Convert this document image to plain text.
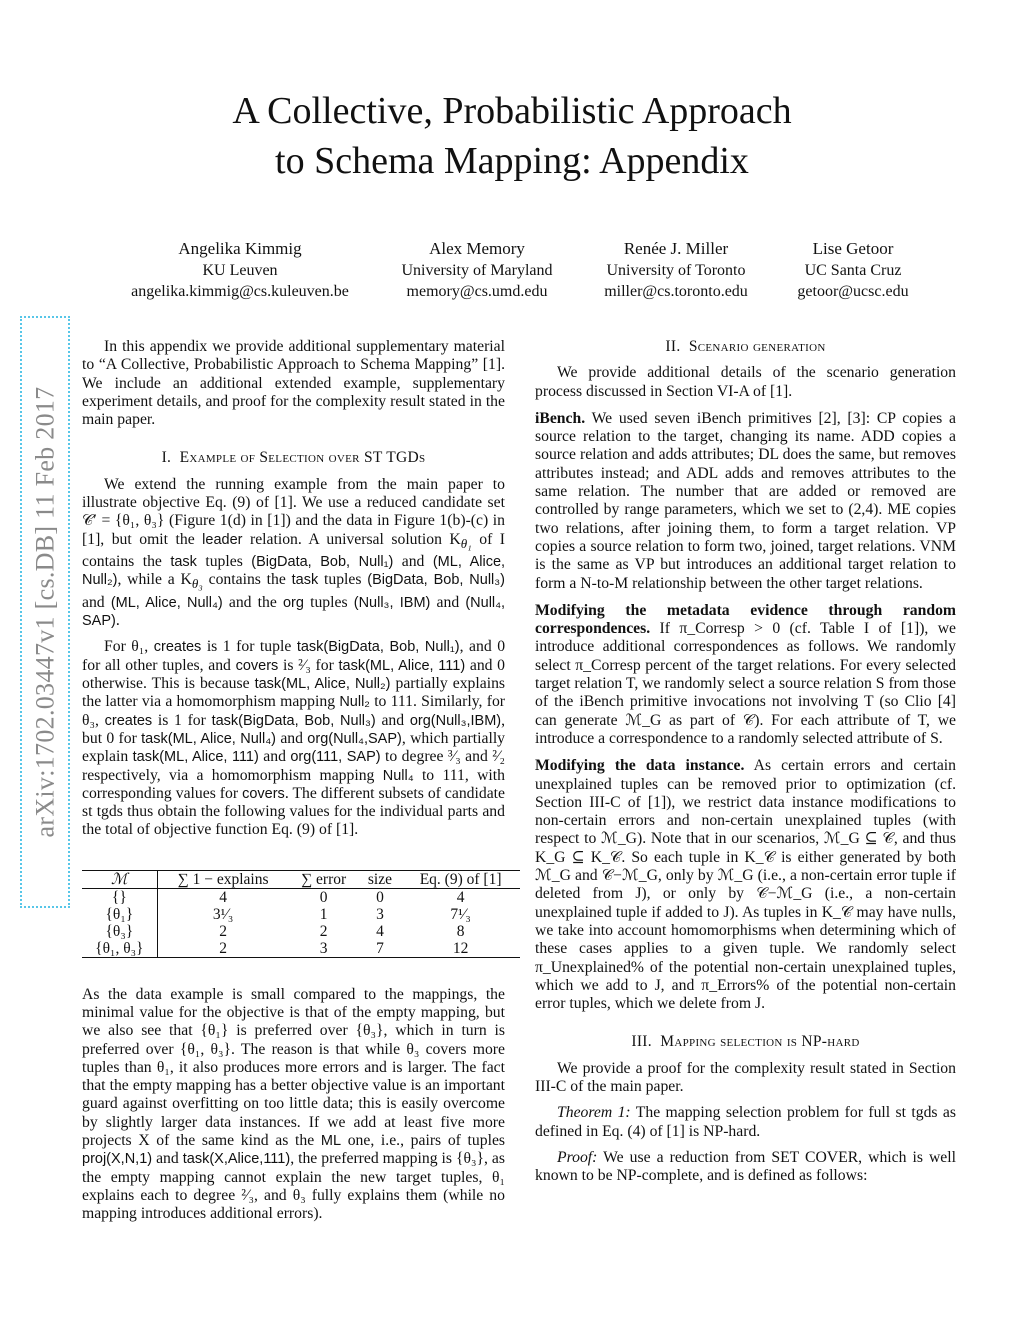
A Collective, Probabilistic Approach
to Schema Mapping: Appendix
Angelika Kimmig
KU Leuven
angelika.kimmig@cs.kuleuven.be
Alex Memory
University of Maryland
memory@cs.umd.edu
Renée J. Miller
University of Toronto
miller@cs.toronto.edu
Lise Getoor
UC Santa Cruz
getoor@ucsc.edu
arXiv:1702.03447v1 [cs.DB] 11 Feb 2017

In this appendix we provide additional supplementary material to “A Collective, Probabilistic Approach to Schema Mapping” [1]. We include an additional extended example, supplementary experiment details, and proof for the complexity result stated in the main paper.

I. Example of Selection over ST TGDs

We extend the running example from the main paper to illustrate objective Eq. (9) of [1]. We use a reduced candidate set 𝒞′ = {θ₁, θ₃} (Figure 1(d) in [1]) and the data in Figure 1(b)-(c) in [1], but omit the leader relation. A universal solution $K_{\theta_1}$ of I contains the task tuples (BigData, Bob, Null₁) and (ML, Alice, Null₂), while a $K_{\theta_3}$ contains the task tuples (BigData, Bob, Null₃) and (ML, Alice, Null₄) and the org tuples (Null₃, IBM) and (Null₄, SAP).

For θ₁, creates is 1 for tuple task(BigData, Bob, Null₁), and 0 for all other tuples, and covers is ²⁄₃ for task(ML, Alice, 111) and 0 otherwise. This is because task(ML, Alice, Null₂) partially explains the latter via a homomorphism mapping Null₂ to 111. Similarly, for θ₃, creates is 1 for task(BigData, Bob, Null₃) and org(Null₃,IBM), but 0 for task(ML, Alice, Null₄) and org(Null₄,SAP), which partially explain task(ML, Alice, 111) and org(111, SAP) to degree ³⁄₃ and ²⁄₂ respectively, via a homomorphism mapping Null₄ to 111, with corresponding values for covers. The different subsets of candidate st tgds thus obtain the following values for the individual parts and the total of objective function Eq. (9) of [1].

ℳ	∑ 1 − explains	∑ error	size	Eq. (9) of [1]
{}	4	0	0	4
{θ₁}	3¹⁄₃	1	3	7¹⁄₃
{θ₃}	2	2	4	8
{θ₁, θ₃}	2	3	7	12

As the data example is small compared to the mappings, the minimal value for the objective is that of the empty mapping, but we also see that {θ₁} is preferred over {θ₃}, which in turn is preferred over {θ₁, θ₃}. The reason is that while θ₃ covers more tuples than θ₁, it also produces more errors and is larger. The fact that the empty mapping has a better objective value is an important guard against overfitting on too little data; this is easily overcome by slightly larger data instances. If we add at least five more projects X of the same kind as the ML one, i.e., pairs of tuples proj(X,N,1) and task(X,Alice,111), the preferred mapping is {θ₃}, as the empty mapping cannot explain the new target tuples, θ₁ explains each to degree ²⁄₃, and θ₃ fully explains them (while no mapping introduces additional errors).

II. Scenario generation

We provide additional details of the scenario generation process discussed in Section VI-A of [1].

iBench. We used seven iBench primitives [2], [3]: CP copies a source relation to the target, changing its name. ADD copies a source relation and adds attributes; DL does the same, but removes attributes instead; and ADL adds and removes attributes to the same relation. The number that are added or removed are controlled by range parameters, which we set to (2,4). ME copies two relations, after joining them, to form a target relation. VP copies a source relation to form two, joined, target relations. VNM is the same as VP but introduces an additional target relation to form a N-to-M relationship between the other target relations.

Modifying the metadata evidence through random correspondences. If π_Corresp > 0 (cf. Table I of [1]), we introduce additional correspondences as follows. We randomly select π_Corresp percent of the target relations. For every selected target relation T, we randomly select a source relation S from those of the iBench primitive invocations not involving T (so Clio [4] can generate ℳ_G as part of 𝒞). For each attribute of T, we introduce a correspondence to a randomly selected attribute of S.

Modifying the data instance. As certain errors and certain unexplained tuples can be removed prior to optimization (cf. Section III-C of [1]), we restrict data instance modifications to non-certain errors and non-certain unexplained tuples (with respect to ℳ_G). Note that in our scenarios, ℳ_G ⊆ 𝒞, and thus K_G ⊆ K_𝒞. So each tuple in K_𝒞 is either generated by both ℳ_G and 𝒞−ℳ_G, only by ℳ_G (i.e., a non-certain error tuple if deleted from J), or only by 𝒞−ℳ_G (i.e., a non-certain unexplained tuple if added to J). As tuples in K_𝒞 may have nulls, we take into account homomorphisms when determining which of these cases applies to a given tuple. We randomly select π_Unexplained% of the potential non-certain unexplained tuples, which we add to J, and π_Errors% of the potential non-certain error tuples, which we delete from J.

III. Mapping selection is NP-hard

We provide a proof for the complexity result stated in Section III-C of the main paper.

Theorem 1: The mapping selection problem for full st tgds as defined in Eq. (4) of [1] is NP-hard.

Proof: We use a reduction from SET COVER, which is well known to be NP-complete, and is defined as follows:
